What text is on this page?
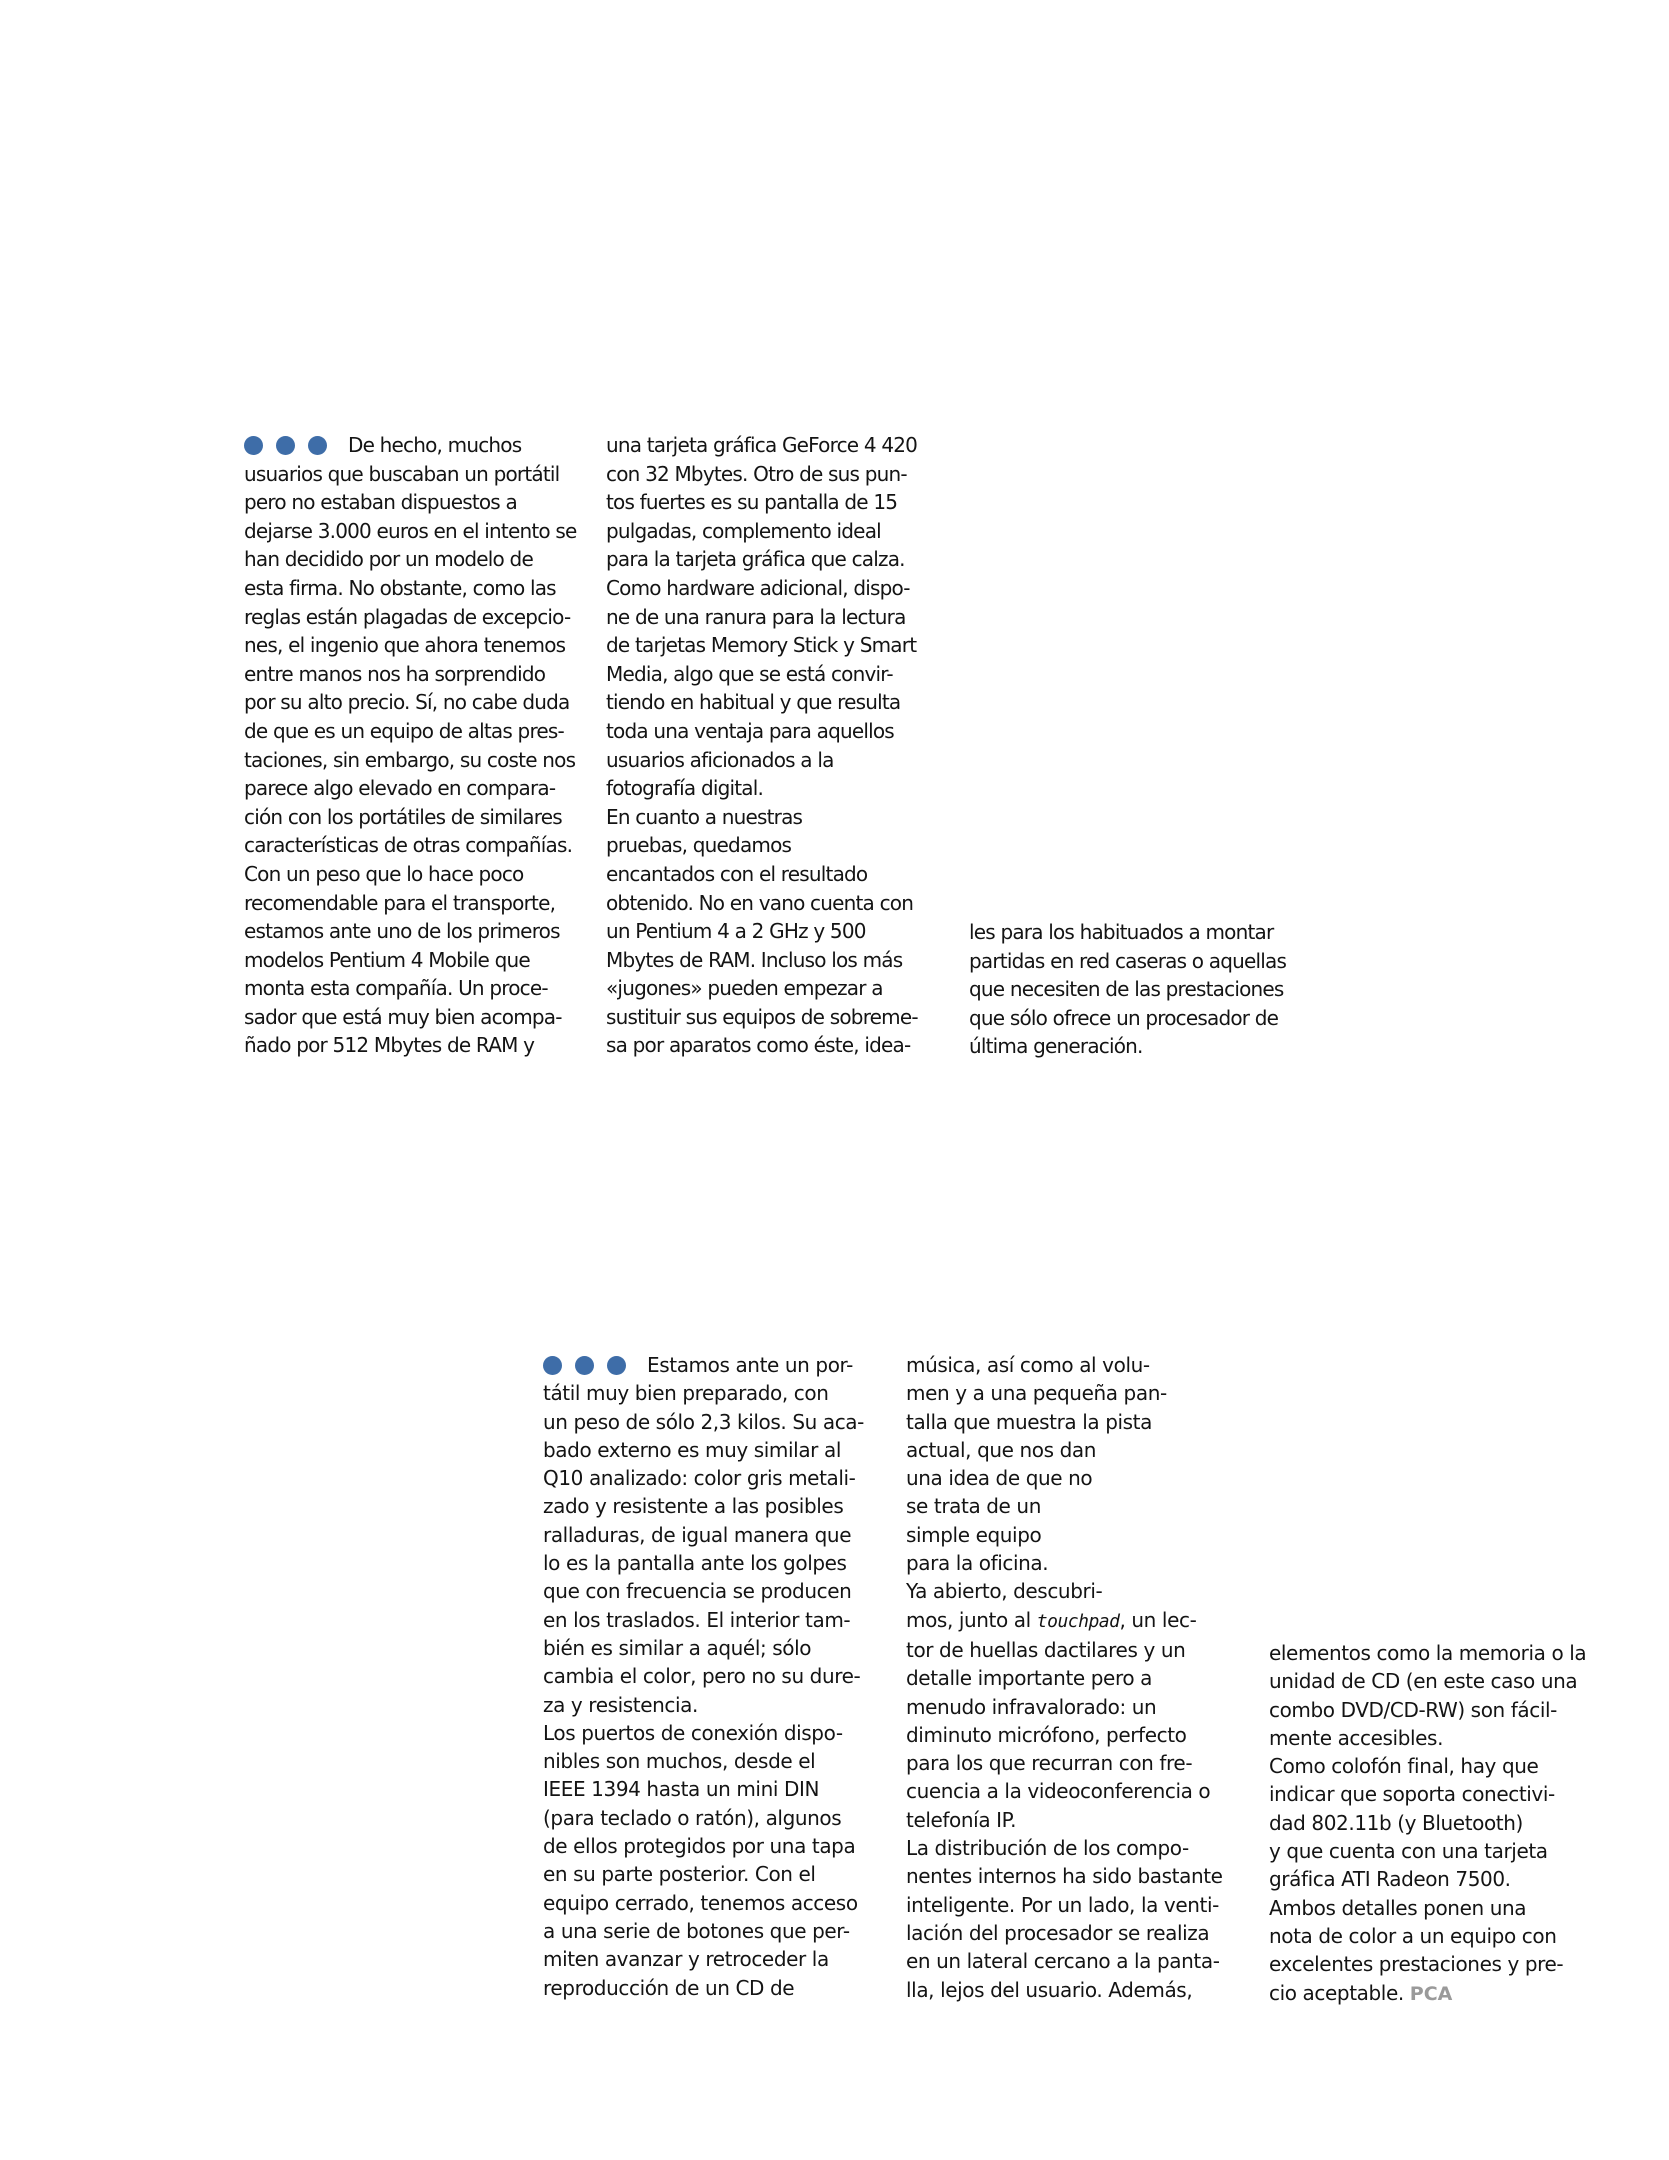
De hecho, muchos
usuarios que buscaban un portátil
pero no estaban dispuestos a
dejarse 3.000 euros en el intento se
han decidido por un modelo de
esta firma. No obstante, como las
reglas están plagadas de excepcio-
nes, el ingenio que ahora tenemos
entre manos nos ha sorprendido
por su alto precio. Sí, no cabe duda
de que es un equipo de altas pres-
taciones, sin embargo, su coste nos
parece algo elevado en compara-
ción con los portátiles de similares
características de otras compañías.
Con un peso que lo hace poco
recomendable para el transporte,
estamos ante uno de los primeros
modelos Pentium 4 Mobile que
monta esta compañía. Un proce-
sador que está muy bien acompa-
ñado por 512 Mbytes de RAM y
una tarjeta gráfica GeForce 4 420
con 32 Mbytes. Otro de sus pun-
tos fuertes es su pantalla de 15
pulgadas, complemento ideal
para la tarjeta gráfica que calza.
Como hardware adicional, dispo-
ne de una ranura para la lectura
de tarjetas Memory Stick y Smart
Media, algo que se está convir-
tiendo en habitual y que resulta
toda una ventaja para aquellos
usuarios aficionados a la
fotografía digital.
En cuanto a nuestras
pruebas, quedamos
encantados con el resultado
obtenido. No en vano cuenta con
un Pentium 4 a 2 GHz y 500
Mbytes de RAM. Incluso los más
«jugones» pueden empezar a
sustituir sus equipos de sobreme-
sa por aparatos como éste, idea-
les para los habituados a montar
partidas en red caseras o aquellas
que necesiten de las prestaciones
que sólo ofrece un procesador de
última generación.
Estamos ante un por-
tátil muy bien preparado, con
un peso de sólo 2,3 kilos. Su aca-
bado externo es muy similar al
Q10 analizado: color gris metali-
zado y resistente a las posibles
ralladuras, de igual manera que
lo es la pantalla ante los golpes
que con frecuencia se producen
en los traslados. El interior tam-
bién es similar a aquél; sólo
cambia el color, pero no su dure-
za y resistencia.
Los puertos de conexión dispo-
nibles son muchos, desde el
IEEE 1394 hasta un mini DIN
(para teclado o ratón), algunos
de ellos protegidos por una tapa
en su parte posterior. Con el
equipo cerrado, tenemos acceso
a una serie de botones que per-
miten avanzar y retroceder la
reproducción de un CD de
música, así como al volu-
men y a una pequeña pan-
talla que muestra la pista
actual, que nos dan
una idea de que no
se trata de un
simple equipo
para la oficina.
Ya abierto, descubri-
mos, junto al touchpad, un lec-
tor de huellas dactilares y un
detalle importante pero a
menudo infravalorado: un
diminuto micrófono, perfecto
para los que recurran con fre-
cuencia a la videoconferencia o
telefonía IP.
La distribución de los compo-
nentes internos ha sido bastante
inteligente. Por un lado, la venti-
lación del procesador se realiza
en un lateral cercano a la panta-
lla, lejos del usuario. Además,
elementos como la memoria o la
unidad de CD (en este caso una
combo DVD/CD-RW) son fácil-
mente accesibles.
Como colofón final, hay que
indicar que soporta conectivi-
dad 802.11b (y Bluetooth)
y que cuenta con una tarjeta
gráfica ATI Radeon 7500.
Ambos detalles ponen una
nota de color a un equipo con
excelentes prestaciones y pre-
cio aceptable. PCA
